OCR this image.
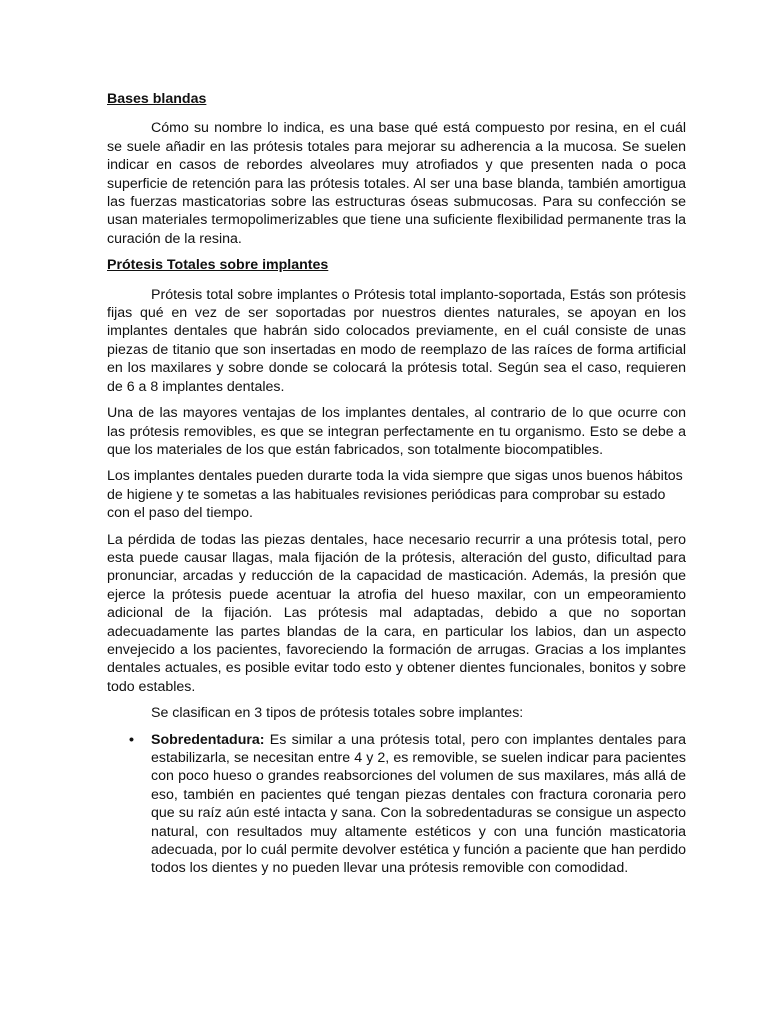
Bases blandas

Cómo su nombre lo indica, es una base qué está compuesto por resina, en el cuál se suele añadir en las prótesis totales para mejorar su adherencia a la mucosa. Se suelen indicar en casos de rebordes alveolares muy atrofiados y que presenten nada o poca superficie de retención para las prótesis totales. Al ser una base blanda, también amortigua las fuerzas masticatorias sobre las estructuras óseas submucosas. Para su confección se usan materiales termopolimerizables que tiene una suficiente flexibilidad permanente tras la curación de la resina.

Prótesis Totales sobre implantes

Prótesis total sobre implantes o Prótesis total implanto-soportada, Estás son prótesis fijas qué en vez de ser soportadas por nuestros dientes naturales, se apoyan en los implantes dentales que habrán sido colocados previamente, en el cuál consiste de unas piezas de titanio que son insertadas en modo de reemplazo de las raíces de forma artificial en los maxilares y sobre donde se colocará la prótesis total. Según sea el caso, requieren de 6 a 8 implantes dentales.

Una de las mayores ventajas de los implantes dentales, al contrario de lo que ocurre con las prótesis removibles, es que se integran perfectamente en tu organismo. Esto se debe a que los materiales de los que están fabricados, son totalmente biocompatibles.

Los implantes dentales pueden durarte toda la vida siempre que sigas unos buenos hábitos de higiene y te sometas a las habituales revisiones periódicas para comprobar su estado con el paso del tiempo.

La pérdida de todas las piezas dentales, hace necesario recurrir a una prótesis total, pero esta puede causar llagas, mala fijación de la prótesis, alteración del gusto, dificultad para pronunciar, arcadas y reducción de la capacidad de masticación. Además, la presión que ejerce la prótesis puede acentuar la atrofia del hueso maxilar, con un empeoramiento adicional de la fijación. Las prótesis mal adaptadas, debido a que no soportan adecuadamente las partes blandas de la cara, en particular los labios, dan un aspecto envejecido a los pacientes, favoreciendo la formación de arrugas. Gracias a los implantes dentales actuales, es posible evitar todo esto y obtener dientes funcionales, bonitos y sobre todo estables.

Se clasifican en 3 tipos de prótesis totales sobre implantes:

• Sobredentadura: Es similar a una prótesis total, pero con implantes dentales para estabilizarla, se necesitan entre 4 y 2, es removible, se suelen indicar para pacientes con poco hueso o grandes reabsorciones del volumen de sus maxilares, más allá de eso, también en pacientes qué tengan piezas dentales con fractura coronaria pero que su raíz aún esté intacta y sana. Con la sobredentaduras se consigue un aspecto natural, con resultados muy altamente estéticos y con una función masticatoria adecuada, por lo cuál permite devolver estética y función a paciente que han perdido todos los dientes y no pueden llevar una prótesis removible con comodidad.
